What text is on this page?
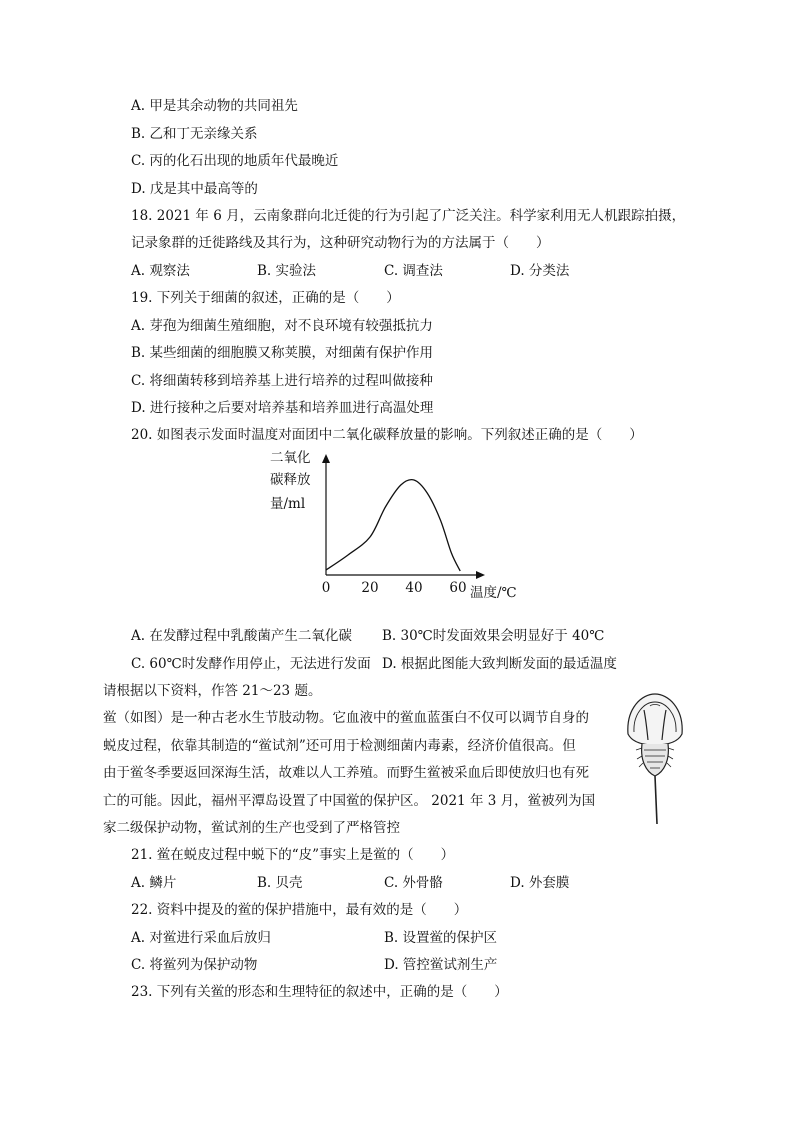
A. 甲是其余动物的共同祖先
B. 乙和丁无亲缘关系
C. 丙的化石出现的地质年代最晚近
D. 戊是其中最高等的
18. 2021 年 6 月，云南象群向北迁徙的行为引起了广泛关注。科学家利用无人机跟踪拍摄，
记录象群的迁徙路线及其行为，这种研究动物行为的方法属于（　　）
A. 观察法	B. 实验法	C. 调查法	D. 分类法
19. 下列关于细菌的叙述，正确的是（　　）
A. 芽孢为细菌生殖细胞，对不良环境有较强抵抗力
B. 某些细菌的细胞膜又称荚膜，对细菌有保护作用
C. 将细菌转移到培养基上进行培养的过程叫做接种
D. 进行接种之后要对培养基和培养皿进行高温处理
20. 如图表示发面时温度对面团中二氧化碳释放量的影响。下列叙述正确的是（　　）
二氧化
碳释放
量/ml
0 20 40 60 温度/℃
A. 在发酵过程中乳酸菌产生二氧化碳 B. 30℃时发面效果会明显好于 40℃
C. 60℃时发酵作用停止，无法进行发面 D. 根据此图能大致判断发面的最适温度
请根据以下资料，作答 21～23 题。
鲎（如图）是一种古老水生节肢动物。它血液中的鲎血蓝蛋白不仅可以调节自身的
蜕皮过程，依靠其制造的“鲎试剂”还可用于检测细菌内毒素，经济价值很高。但
由于鲎冬季要返回深海生活，故难以人工养殖。而野生鲎被采血后即使放归也有死
亡的可能。因此，福州平潭岛设置了中国鲎的保护区。 2021 年 3 月，鲎被列为国
家二级保护动物，鲎试剂的生产也受到了严格管控
21. 鲎在蜕皮过程中蜕下的“皮”事实上是鲎的（　　）
A. 鳞片	B. 贝壳	C. 外骨骼	D. 外套膜
22. 资料中提及的鲎的保护措施中，最有效的是（　　）
A. 对鲎进行采血后放归	B. 设置鲎的保护区
C. 将鲎列为保护动物	D. 管控鲎试剂生产
23. 下列有关鲎的形态和生理特征的叙述中，正确的是（　　）
